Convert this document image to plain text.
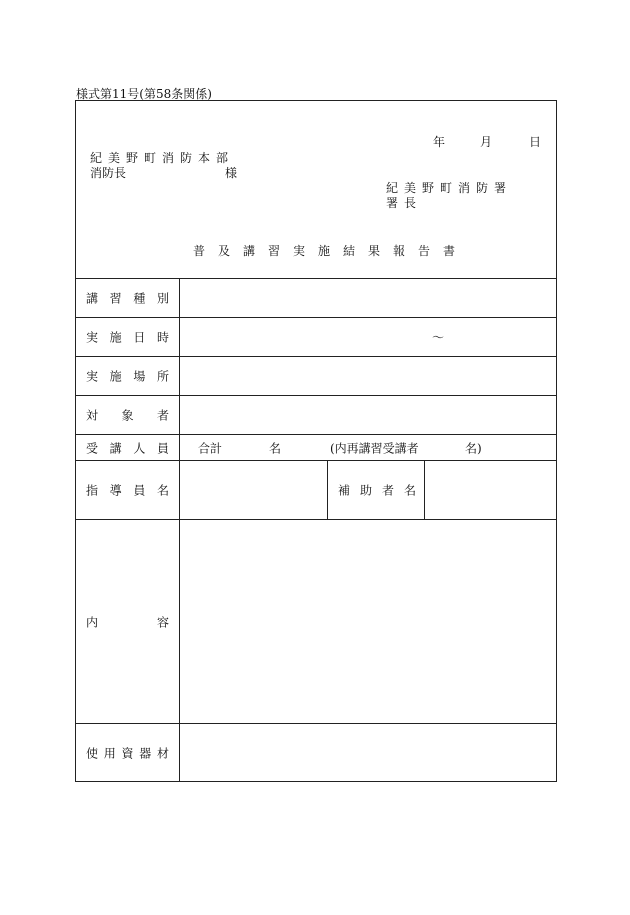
様式第11号(第58条関係)
年	月	日
紀美野町消防本部
消防長	様
紀美野町消防署
署長
普及講習実施結果報告書
講 習 種 別
実 施 日 時	〜
実 施 場 所
対 象 者
受 講 人 員 合計	名	(内再講習受講者	名)
指 導 員 名	補 助 者 名
内	容
使 用 資 器 材
